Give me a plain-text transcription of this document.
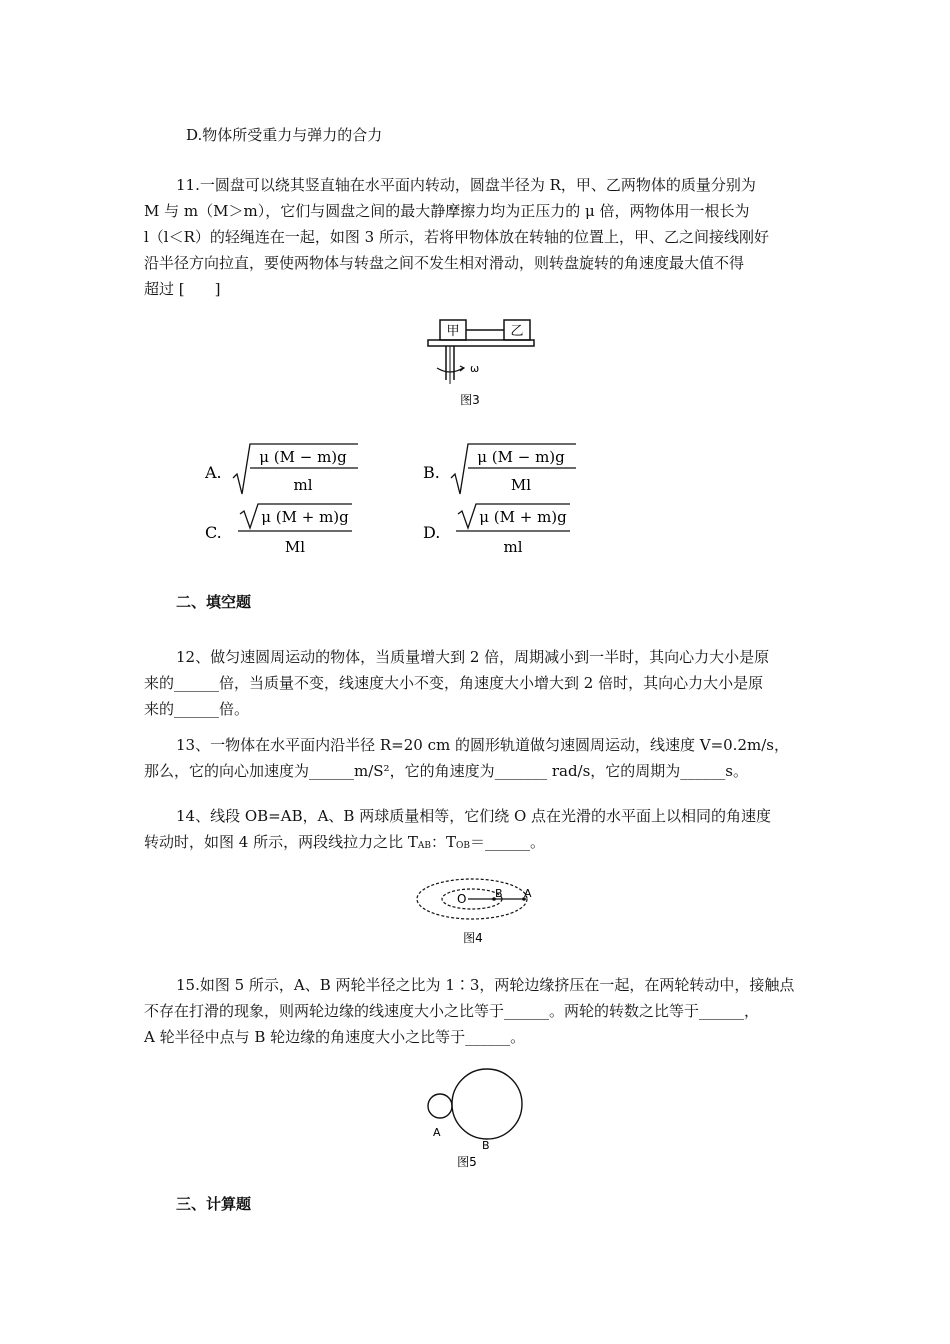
D.物体所受重力与弹力的合力
11.一圆盘可以绕其竖直轴在水平面内转动，圆盘半径为 R，甲、乙两物体的质量分别为
M 与 m（M＞m），它们与圆盘之间的最大静摩擦力均为正压力的 μ 倍，两物体用一根长为
l（l＜R）的轻绳连在一起，如图 3 所示，若将甲物体放在转轴的位置上，甲、乙之间接线刚好
沿半径方向拉直，要使两物体与转盘之间不发生相对滑动，则转盘旋转的角速度最大值不得
超过 [　　]
甲	乙
ω
图3
A.
μ (M − m)g
ml
B.
μ (M − m)g
Ml
C.
μ (M + m)g
Ml
D.
μ (M + m)g
ml
二、填空题
12、做匀速圆周运动的物体，当质量增大到 2 倍，周期减小到一半时，其向心力大小是原
来的______倍，当质量不变，线速度大小不变，角速度大小增大到 2 倍时，其向心力大小是原
来的______倍。
13、一物体在水平面内沿半径 R=20 cm 的圆形轨道做匀速圆周运动，线速度 V=0.2m/s，
那么，它的向心加速度为______m/S²，它的角速度为_______ rad/s，它的周期为______s。
14、线段 OB=AB，A、B 两球质量相等，它们绕 O 点在光滑的水平面上以相同的角速度
转动时，如图 4 所示，两段线拉力之比 $T_{AB}$：$T_{OB}=\_\_\_\_\_\_$。
O	B A
图4
15.如图 5 所示，A、B 两轮半径之比为 1∶3，两轮边缘挤压在一起，在两轮转动中，接触点
不存在打滑的现象，则两轮边缘的线速度大小之比等于______。两轮的转数之比等于______，
A 轮半径中点与 B 轮边缘的角速度大小之比等于______。
A
B
图5
三、计算题
